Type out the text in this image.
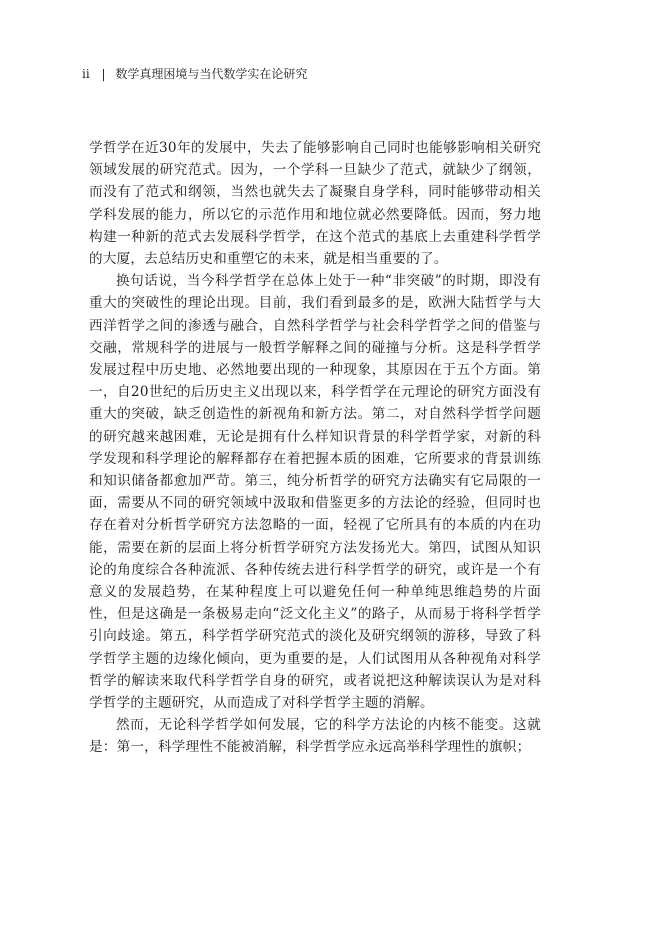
ii | 数学真理困境与当代数学实在论研究

学哲学在近30年的发展中，失去了能够影响自己同时也能够影响相关研究领域发展的研究范式。因为，一个学科一旦缺少了范式，就缺少了纲领，而没有了范式和纲领，当然也就失去了凝聚自身学科，同时能够带动相关学科发展的能力，所以它的示范作用和地位就必然要降低。因而，努力地构建一种新的范式去发展科学哲学，在这个范式的基底上去重建科学哲学的大厦，去总结历史和重塑它的未来，就是相当重要的了。

换句话说，当今科学哲学在总体上处于一种“非突破”的时期，即没有重大的突破性的理论出现。目前，我们看到最多的是，欧洲大陆哲学与大西洋哲学之间的渗透与融合，自然科学哲学与社会科学哲学之间的借鉴与交融，常规科学的进展与一般哲学解释之间的碰撞与分析。这是科学哲学发展过程中历史地、必然地要出现的一种现象，其原因在于五个方面。第一，自20世纪的后历史主义出现以来，科学哲学在元理论的研究方面没有重大的突破，缺乏创造性的新视角和新方法。第二，对自然科学哲学问题的研究越来越困难，无论是拥有什么样知识背景的科学哲学家，对新的科学发现和科学理论的解释都存在着把握本质的困难，它所要求的背景训练和知识储备都愈加严苛。第三，纯分析哲学的研究方法确实有它局限的一面，需要从不同的研究领域中汲取和借鉴更多的方法论的经验，但同时也存在着对分析哲学研究方法忽略的一面，轻视了它所具有的本质的内在功能，需要在新的层面上将分析哲学研究方法发扬光大。第四，试图从知识论的角度综合各种流派、各种传统去进行科学哲学的研究，或许是一个有意义的发展趋势，在某种程度上可以避免任何一种单纯思维趋势的片面性，但是这确是一条极易走向“泛文化主义”的路子，从而易于将科学哲学引向歧途。第五，科学哲学研究范式的淡化及研究纲领的游移，导致了科学哲学主题的边缘化倾向，更为重要的是，人们试图用从各种视角对科学哲学的解读来取代科学哲学自身的研究，或者说把这种解读误认为是对科学哲学的主题研究，从而造成了对科学哲学主题的消解。

然而，无论科学哲学如何发展，它的科学方法论的内核不能变。这就是：第一，科学理性不能被消解，科学哲学应永远高举科学理性的旗帜；
